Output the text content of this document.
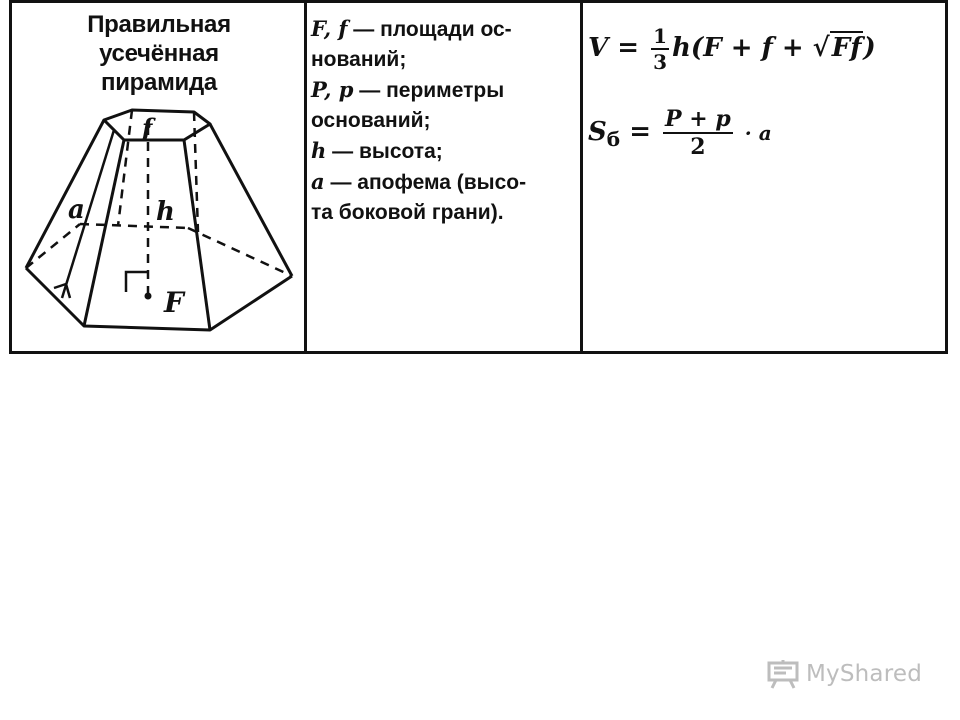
Правильная
усечённая
пирамида
f
a	h
F
F, f — площади ос-
нований;
P, p — периметры
оснований;
h — высота;
a — апофема (высо-
та боковой грани).
$V = \frac{1}{3} h(F + f + √Ff)$
$S_б = \frac{P + p}{2} \cdot a$
MyShared
